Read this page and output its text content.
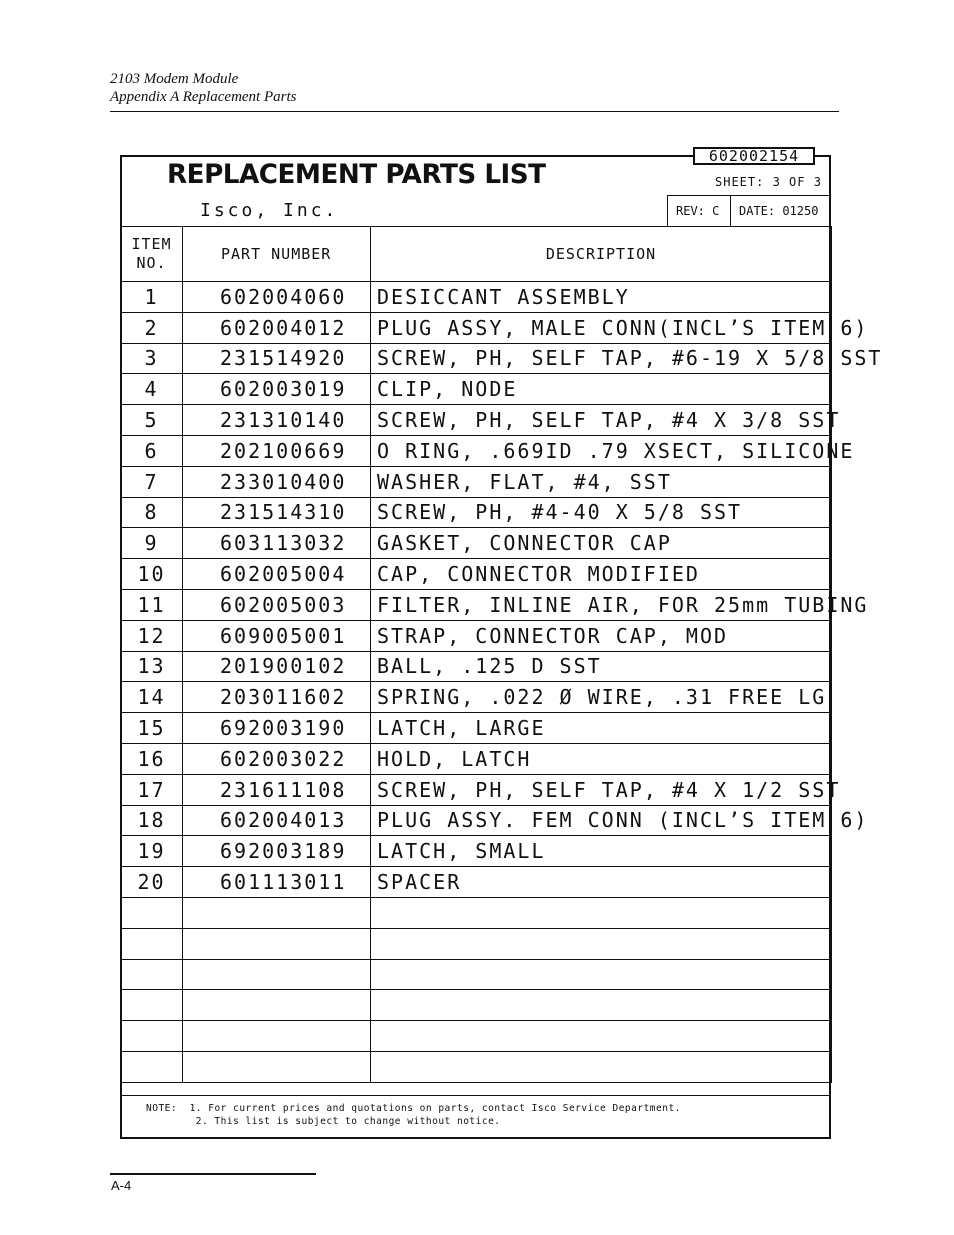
2103 Modem Module
Appendix A Replacement Parts
602002154
REPLACEMENT PARTS LIST
Isco, Inc.
SHEET: 3 OF 3
REV: C	DATE: 01250
ITEM
NO.	PART NUMBER	DESCRIPTION
1	602004060	DESICCANT ASSEMBLY
2	602004012	PLUG ASSY, MALE CONN(INCL’S ITEM 6)
3	231514920	SCREW, PH, SELF TAP, #6-19 X 5/8 SST
4	602003019	CLIP, NODE
5	231310140	SCREW, PH, SELF TAP, #4 X 3/8 SST
6	202100669	O RING, .669ID .79 XSECT, SILICONE
7	233010400	WASHER, FLAT, #4, SST
8	231514310	SCREW, PH, #4-40 X 5/8 SST
9	603113032	GASKET, CONNECTOR CAP
10	602005004	CAP, CONNECTOR MODIFIED
11	602005003	FILTER, INLINE AIR, FOR 25mm TUBING
12	609005001	STRAP, CONNECTOR CAP, MOD
13	201900102	BALL, .125 D SST
14	203011602	SPRING, .022 Ø WIRE, .31 FREE LG
15	692003190	LATCH, LARGE
16	602003022	HOLD, LATCH
17	231611108	SCREW, PH, SELF TAP, #4 X 1/2 SST
18	602004013	PLUG ASSY. FEM CONN (INCL’S ITEM 6)
19	692003189	LATCH, SMALL
20	601113011	SPACER

NOTE: 1. For current prices and quotations on parts, contact Isco Service Department.
2. This list is subject to change without notice.
A-4
